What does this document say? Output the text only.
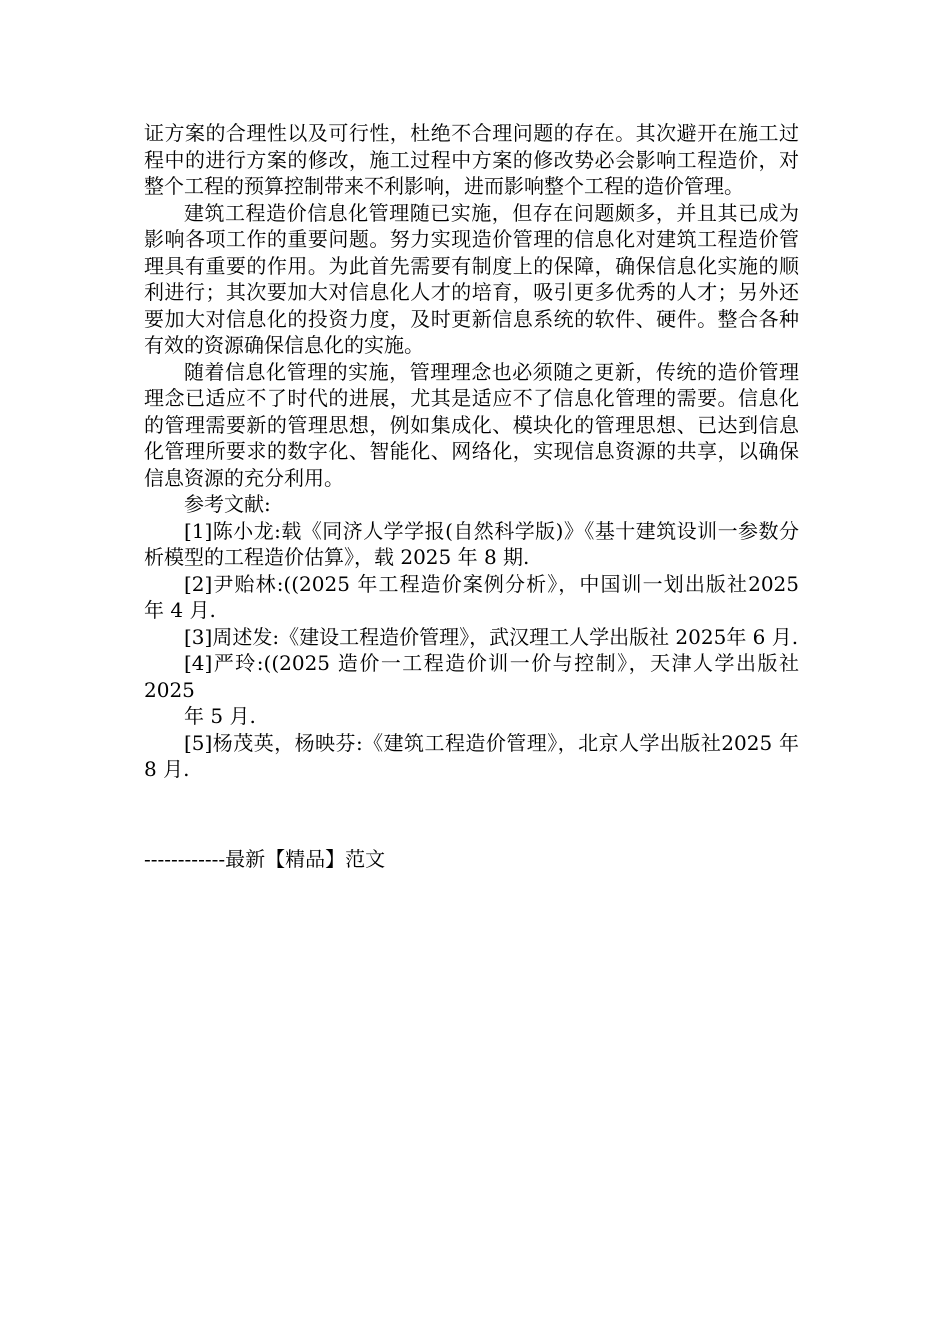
证方案的合理性以及可行性，杜绝不合理问题的存在。其次避开在施工过程中的进行方案的修改，施工过程中方案的修改势必会影响工程造价，对整个工程的预算控制带来不利影响，进而影响整个工程的造价管理。

建筑工程造价信息化管理随已实施，但存在问题颇多，并且其已成为影响各项工作的重要问题。努力实现造价管理的信息化对建筑工程造价管理具有重要的作用。为此首先需要有制度上的保障，确保信息化实施的顺利进行；其次要加大对信息化人才的培育，吸引更多优秀的人才；另外还要加大对信息化的投资力度，及时更新信息系统的软件、硬件。整合各种有效的资源确保信息化的实施。

随着信息化管理的实施，管理理念也必须随之更新，传统的造价管理理念已适应不了时代的进展，尤其是适应不了信息化管理的需要。信息化的管理需要新的管理思想，例如集成化、模块化的管理思想、已达到信息化管理所要求的数字化、智能化、网络化，实现信息资源的共享，以确保信息资源的充分利用。

参考文献:

[1]陈小龙:载《同济人学学报(自然科学版)》《基十建筑设训一参数分析模型的工程造价估算》，载 2025 年 8 期.

[2]尹贻林:((2025 年工程造价案例分析》，中国训一划出版社2025 年 4 月.

[3]周述发:《建设工程造价管理》，武汉理工人学出版社 2025年 6 月.

[4]严玲:((2025 造价一工程造价训一价与控制》，天津人学出版社 2025

年 5 月.

[5]杨茂英，杨映芬:《建筑工程造价管理》，北京人学出版社2025 年 8 月.

------------最新【精品】范文
